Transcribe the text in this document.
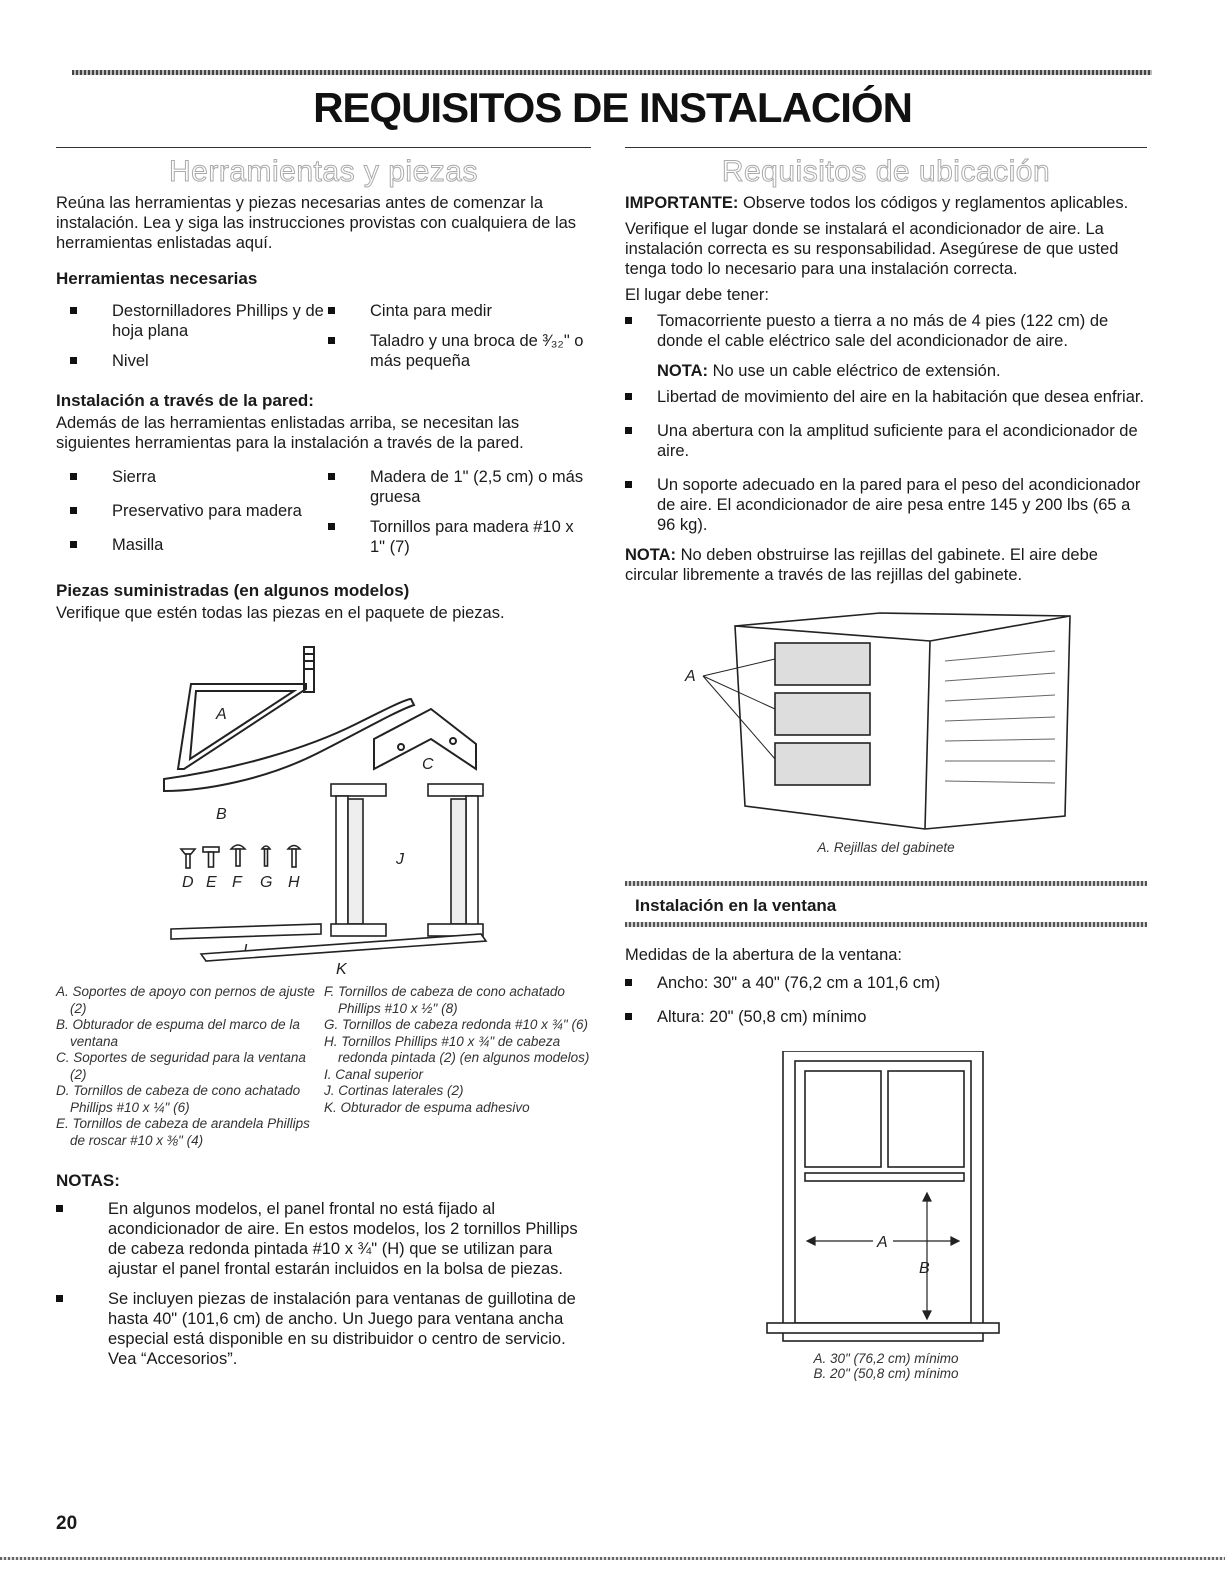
REQUISITOS DE INSTALACIÓN
Herramientas y piezas

Reúna las herramientas y piezas necesarias antes de comenzar la instalación. Lea y siga las instrucciones provistas con cualquiera de las herramientas enlistadas aquí.

Herramientas necesarias
Destornilladores Phillips y de hoja plana
Nivel
Cinta para medir
Taladro y una broca de ³⁄₃₂" o más pequeña
Instalación a través de la pared:

Además de las herramientas enlistadas arriba, se necesitan las siguientes herramientas para la instalación a través de la pared.

Sierra
Preservativo para madera
Masilla
Madera de 1" (2,5 cm) o más gruesa
Tornillos para madera #10 x 1" (7)
Piezas suministradas (en algunos modelos)

Verifique que estén todas las piezas en el paquete de piezas.

A
B
C
D E F G H
J
K
A. Soportes de apoyo con pernos de ajuste (2)
B. Obturador de espuma del marco de la ventana
C. Soportes de seguridad para la ventana (2)
D. Tornillos de cabeza de cono achatado Phillips #10 x ¼" (6)
E. Tornillos de cabeza de arandela Phillips de roscar #10 x ⅜" (4)
F. Tornillos de cabeza de cono achatado Phillips #10 x ½" (8)
G. Tornillos de cabeza redonda #10 x ¾" (6)
H. Tornillos Phillips #10 x ¾" de cabeza redonda pintada (2) (en algunos modelos)
I. Canal superior
J. Cortinas laterales (2)
K. Obturador de espuma adhesivo
NOTAS:
En algunos modelos, el panel frontal no está fijado al acondicionador de aire. En estos modelos, los 2 tornillos Phillips de cabeza redonda pintada #10 x ¾" (H) que se utilizan para ajustar el panel frontal estarán incluidos en la bolsa de piezas.
Se incluyen piezas de instalación para ventanas de guillotina de hasta 40" (101,6 cm) de ancho. Un Juego para ventana ancha especial está disponible en su distribuidor o centro de servicio. Vea “Accesorios”.
Requisitos de ubicación

IMPORTANTE: Observe todos los códigos y reglamentos aplicables.

Verifique el lugar donde se instalará el acondicionador de aire. La instalación correcta es su responsabilidad. Asegúrese de que usted tenga todo lo necesario para una instalación correcta.

El lugar debe tener:

Tomacorriente puesto a tierra a no más de 4 pies (122 cm) de donde el cable eléctrico sale del acondicionador de aire.

NOTA: No use un cable eléctrico de extensión.

Libertad de movimiento del aire en la habitación que desea enfriar.
Una abertura con la amplitud suficiente para el acondicionador de aire.
Un soporte adecuado en la pared para el peso del acondicionador de aire. El acondicionador de aire pesa entre 145 y 200 lbs (65 a 96 kg).

NOTA: No deben obstruirse las rejillas del gabinete. El aire debe circular libremente a través de las rejillas del gabinete.

A
A. Rejillas del gabinete
Instalación en la ventana

Medidas de la abertura de la ventana:

Ancho: 30" a 40" (76,2 cm a 101,6 cm)
Altura: 20" (50,8 cm) mínimo
A
B
A. 30" (76,2 cm) mínimo
B. 20" (50,8 cm) mínimo
20
